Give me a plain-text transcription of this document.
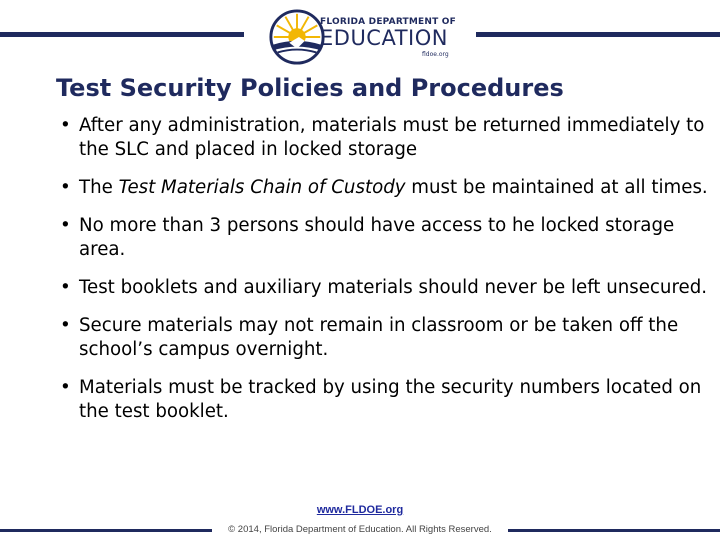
FLORIDA DEPARTMENT OF
EDUCATION
fldoe.org
Test Security Policies and Procedures
• After any administration, materials must be returned immediately to the SLC and placed in locked storage
• The Test Materials Chain of Custody must be maintained at all times.
• No more than 3 persons should have access to he locked storage area.
• Test booklets and auxiliary materials should never be left unsecured.
• Secure materials may not remain in classroom or be taken off the school’s campus overnight.
• Materials must be tracked by using the security numbers located on the test booklet.
www.FLDOE.org
© 2014, Florida Department of Education. All Rights Reserved.
